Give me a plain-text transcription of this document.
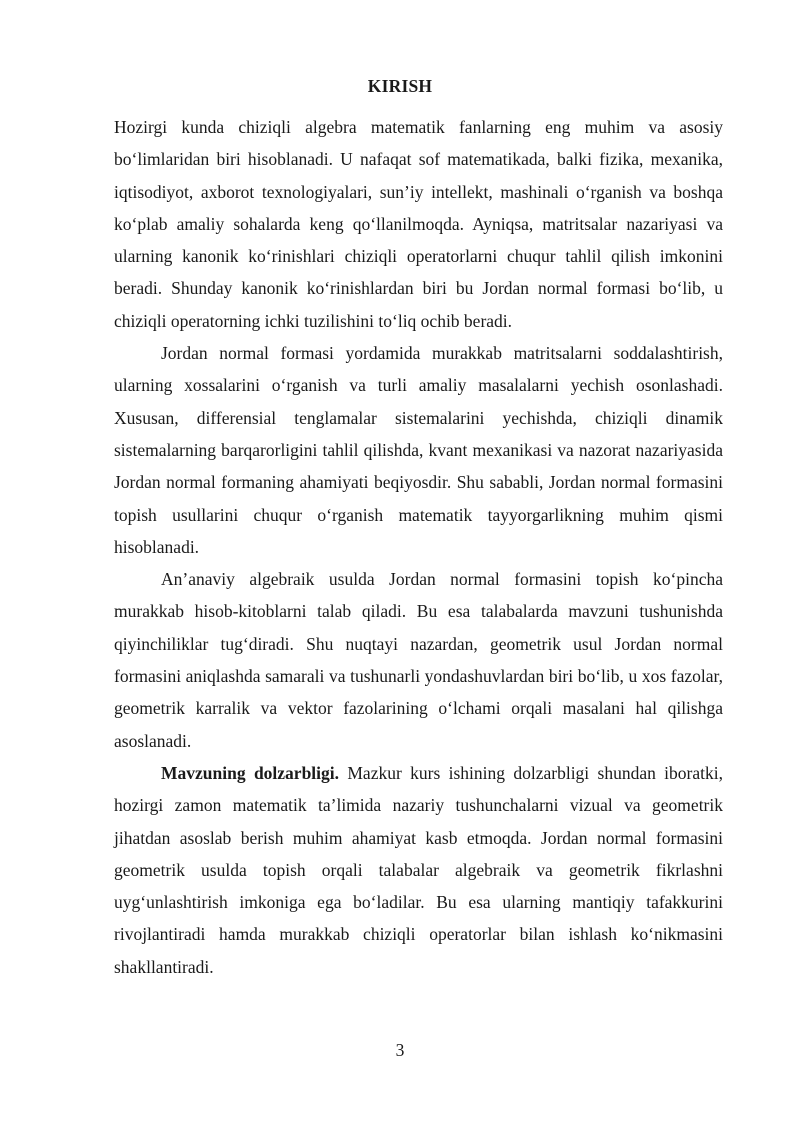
KIRISH

Hozirgi kunda chiziqli algebra matematik fanlarning eng muhim va asosiy bo‘limlaridan biri hisoblanadi. U nafaqat sof matematikada, balki fizika, mexanika, iqtisodiyot, axborot texnologiyalari, sun’iy intellekt, mashinali o‘rganish va boshqa ko‘plab amaliy sohalarda keng qo‘llanilmoqda. Ayniqsa, matritsalar nazariyasi va ularning kanonik ko‘rinishlari chiziqli operatorlarni chuqur tahlil qilish imkonini beradi. Shunday kanonik ko‘rinishlardan biri bu Jordan normal formasi bo‘lib, u chiziqli operatorning ichki tuzilishini to‘liq ochib beradi.

Jordan normal formasi yordamida murakkab matritsalarni soddalashtirish, ularning xossalarini o‘rganish va turli amaliy masalalarni yechish osonlashadi. Xususan, differensial tenglamalar sistemalarini yechishda, chiziqli dinamik sistemalarning barqarorligini tahlil qilishda, kvant mexanikasi va nazorat nazariyasida Jordan normal formaning ahamiyati beqiyosdir. Shu sababli, Jordan normal formasini topish usullarini chuqur o‘rganish matematik tayyorgarlikning muhim qismi hisoblanadi.

An’anaviy algebraik usulda Jordan normal formasini topish ko‘pincha murakkab hisob-kitoblarni talab qiladi. Bu esa talabalarda mavzuni tushunishda qiyinchiliklar tug‘diradi. Shu nuqtayi nazardan, geometrik usul Jordan normal formasini aniqlashda samarali va tushunarli yondashuvlardan biri bo‘lib, u xos fazolar, geometrik karralik va vektor fazolarining o‘lchami orqali masalani hal qilishga asoslanadi.

Mavzuning dolzarbligi. Mazkur kurs ishining dolzarbligi shundan iboratki, hozirgi zamon matematik ta’limida nazariy tushunchalarni vizual va geometrik jihatdan asoslab berish muhim ahamiyat kasb etmoqda. Jordan normal formasini geometrik usulda topish orqali talabalar algebraik va geometrik fikrlashni uyg‘unlashtirish imkoniga ega bo‘ladilar. Bu esa ularning mantiqiy tafakkurini rivojlantiradi hamda murakkab chiziqli operatorlar bilan ishlash ko‘nikmasini shakllantiradi.

3
